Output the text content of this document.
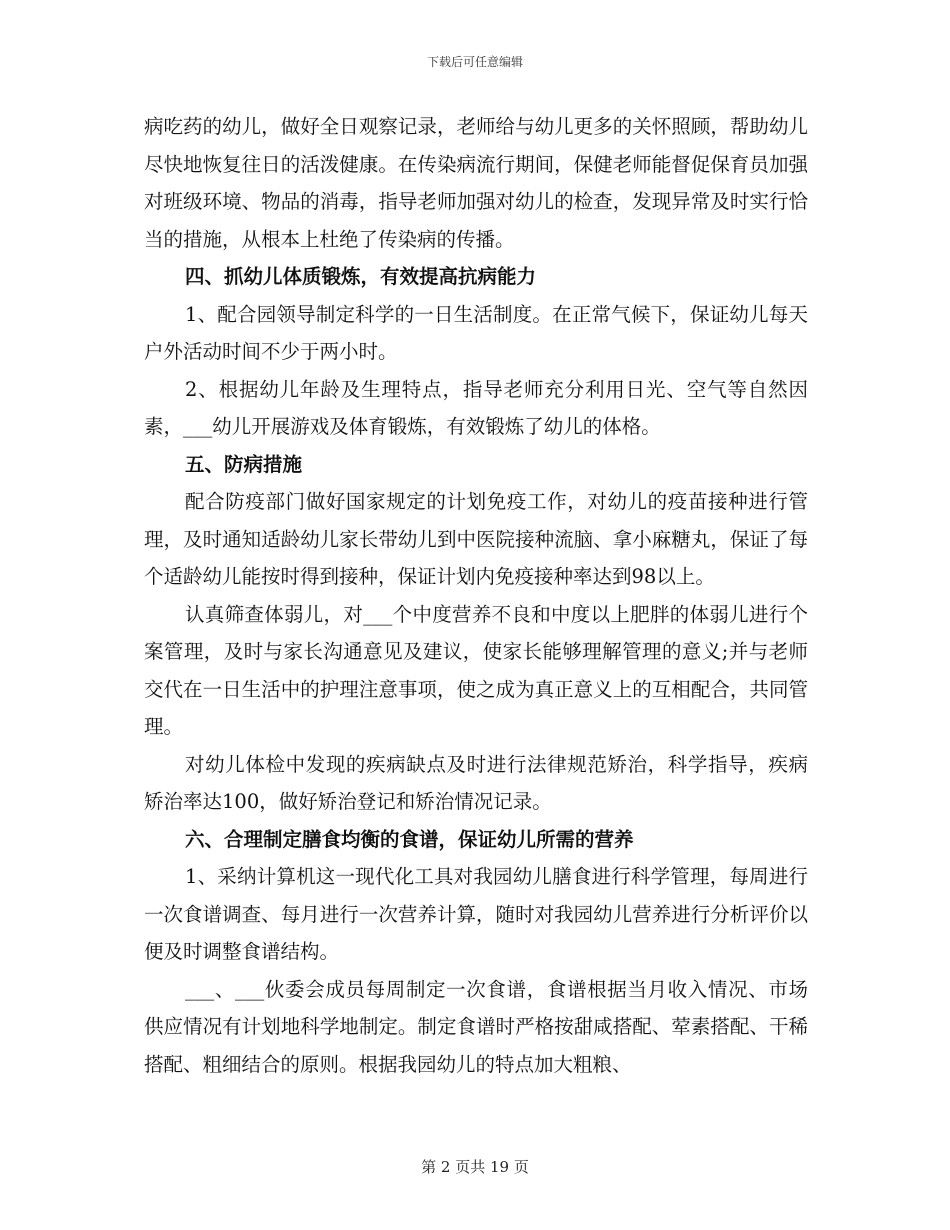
下载后可任意编辑

病吃药的幼儿，做好全日观察记录，老师给与幼儿更多的关怀照顾，帮助幼儿尽快地恢复往日的活泼健康。在传染病流行期间，保健老师能督促保育员加强对班级环境、物品的消毒，指导老师加强对幼儿的检查，发现异常及时实行恰当的措施，从根本上杜绝了传染病的传播。

四、抓幼儿体质锻炼，有效提高抗病能力

1、配合园领导制定科学的一日生活制度。在正常气候下，保证幼儿每天户外活动时间不少于两小时。

2、根据幼儿年龄及生理特点，指导老师充分利用日光、空气等自然因素，___幼儿开展游戏及体育锻炼，有效锻炼了幼儿的体格。

五、防病措施

配合防疫部门做好国家规定的计划免疫工作，对幼儿的疫苗接种进行管理，及时通知适龄幼儿家长带幼儿到中医院接种流脑、拿小麻糖丸，保证了每个适龄幼儿能按时得到接种，保证计划内免疫接种率达到98以上。

认真筛查体弱儿，对___个中度营养不良和中度以上肥胖的体弱儿进行个案管理，及时与家长沟通意见及建议，使家长能够理解管理的意义;并与老师交代在一日生活中的护理注意事项，使之成为真正意义上的互相配合，共同管理。

对幼儿体检中发现的疾病缺点及时进行法律规范矫治，科学指导，疾病矫治率达100，做好矫治登记和矫治情况记录。

六、合理制定膳食均衡的食谱，保证幼儿所需的营养

1、采纳计算机这一现代化工具对我园幼儿膳食进行科学管理，每周进行一次食谱调查、每月进行一次营养计算，随时对我园幼儿营养进行分析评价以便及时调整食谱结构。

___、___伙委会成员每周制定一次食谱，食谱根据当月收入情况、市场供应情况有计划地科学地制定。制定食谱时严格按甜咸搭配、荤素搭配、干稀搭配、粗细结合的原则。根据我园幼儿的特点加大粗粮、

第 2 页共 19 页
